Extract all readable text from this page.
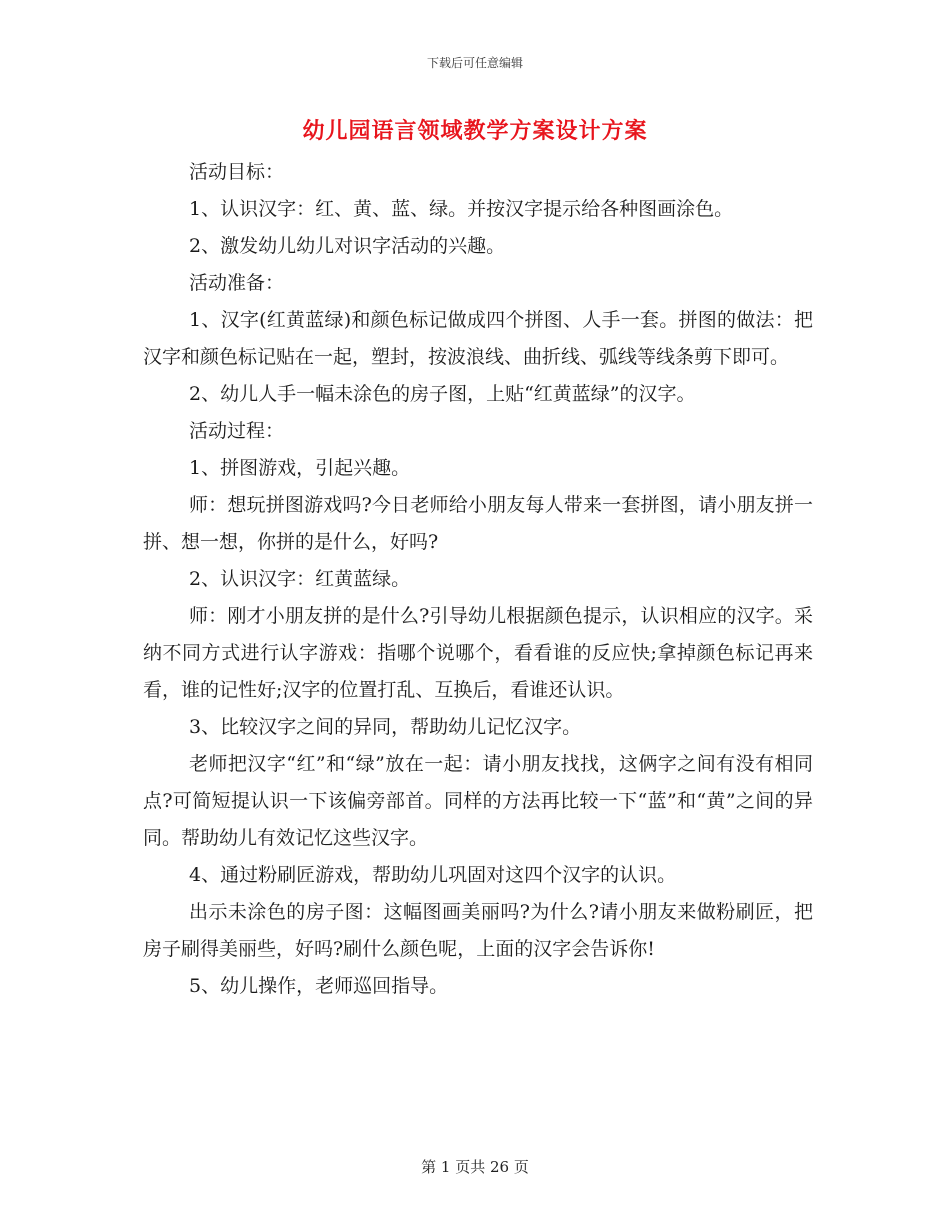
下载后可任意编辑
幼儿园语言领域教学方案设计方案

活动目标：

1、认识汉字：红、黄、蓝、绿。并按汉字提示给各种图画涂色。

2、激发幼儿幼儿对识字活动的兴趣。

活动准备：

1、汉字(红黄蓝绿)和颜色标记做成四个拼图、人手一套。拼图的做法：把汉字和颜色标记贴在一起，塑封，按波浪线、曲折线、弧线等线条剪下即可。

2、幼儿人手一幅未涂色的房子图，上贴“红黄蓝绿”的汉字。

活动过程：

1、拼图游戏，引起兴趣。

师：想玩拼图游戏吗?今日老师给小朋友每人带来一套拼图，请小朋友拼一拼、想一想，你拼的是什么，好吗?

2、认识汉字：红黄蓝绿。

师：刚才小朋友拼的是什么?引导幼儿根据颜色提示，认识相应的汉字。采纳不同方式进行认字游戏：指哪个说哪个，看看谁的反应快;拿掉颜色标记再来看，谁的记性好;汉字的位置打乱、互换后，看谁还认识。

3、比较汉字之间的异同，帮助幼儿记忆汉字。

老师把汉字“红”和“绿”放在一起：请小朋友找找，这俩字之间有没有相同点?可简短提认识一下该偏旁部首。同样的方法再比较一下“蓝”和“黄”之间的异同。帮助幼儿有效记忆这些汉字。

4、通过粉刷匠游戏，帮助幼儿巩固对这四个汉字的认识。

出示未涂色的房子图：这幅图画美丽吗?为什么?请小朋友来做粉刷匠，把房子刷得美丽些，好吗?刷什么颜色呢，上面的汉字会告诉你!

5、幼儿操作，老师巡回指导。

第 1 页共 26 页
